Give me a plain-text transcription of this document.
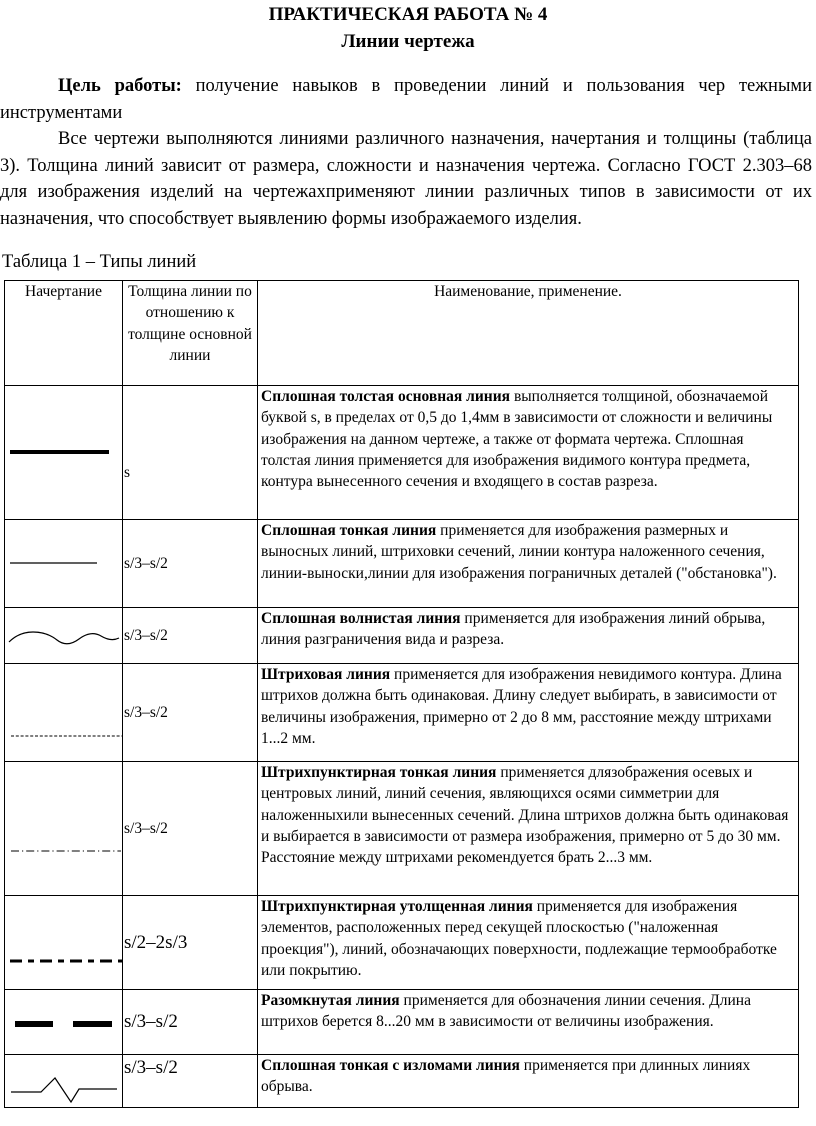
ПРАКТИЧЕСКАЯ РАБОТА № 4
Линии чертежа
Цель работы: получение навыков в проведении линий и пользования чер тежными инструментами
Все чертежи выполняются линиями различного назначения, начертания и толщины (таблица 3). Толщина линий зависит от размера, сложности и назначения чертежа. Согласно ГОСТ 2.303–68 для изображения изделий на чертежахприменяют линии различных типов в зависимости от их назначения, что способствует выявлению формы изображаемого изделия.
Таблица 1 – Типы линий
Начертание	Толщина линии по отношению к толщине основной линии	Наименование, применение.

	s	Сплошная толстая основная линия выполняется толщиной, обозначаемой буквой s, в пределах от 0,5 до 1,4мм в зависимости от сложности и величины изображения на данном чертеже, а также от формата чертежа. Сплошная толстая линия применяется для изображения видимого контура предмета, контура вынесенного сечения и входящего в состав разреза.

	s/3–s/2	Сплошная тонкая линия применяется для изображения размерных и выносных линий, штриховки сечений, линии контура наложенного сечения, линии-выноски,линии для изображения пограничных деталей ("обстановка").

	s/3–s/2	Сплошная волнистая линия применяется для изображения линий обрыва, линия разграничения вида и разреза.

	s/3–s/2	Штриховая линия применяется для изображения невидимого контура. Длина штрихов должна быть одинаковая. Длину следует выбирать, в зависимости от величины изображения, примерно от 2 до 8 мм, расстояние между штрихами 1...2 мм.

	s/3–s/2	Штрихпунктирная тонкая линия применяется длязображения осевых и центровых линий, линий сечения, являющихся осями симметрии для наложенныхили вынесенных сечений. Длина штрихов должна быть одинаковая и выбирается в зависимости от размера изображения, примерно от 5 до 30 мм. Расстояние между штрихами рекомендуется брать 2...3 мм.

	s/2–2s/3	Штрихпунктирная утолщенная линия применяется для изображения элементов, расположенных перед секущей плоскостью ("наложенная проекция"), линий, обозначающих поверхности, подлежащие термообработке или покрытию.

	s/3–s/2	Разомкнутая линия применяется для обозначения линии сечения. Длина штрихов берется 8...20 мм в зависимости от величины изображения.

	s/3–s/2	Сплошная тонкая с изломами линия применяется при длинных линиях обрыва.
